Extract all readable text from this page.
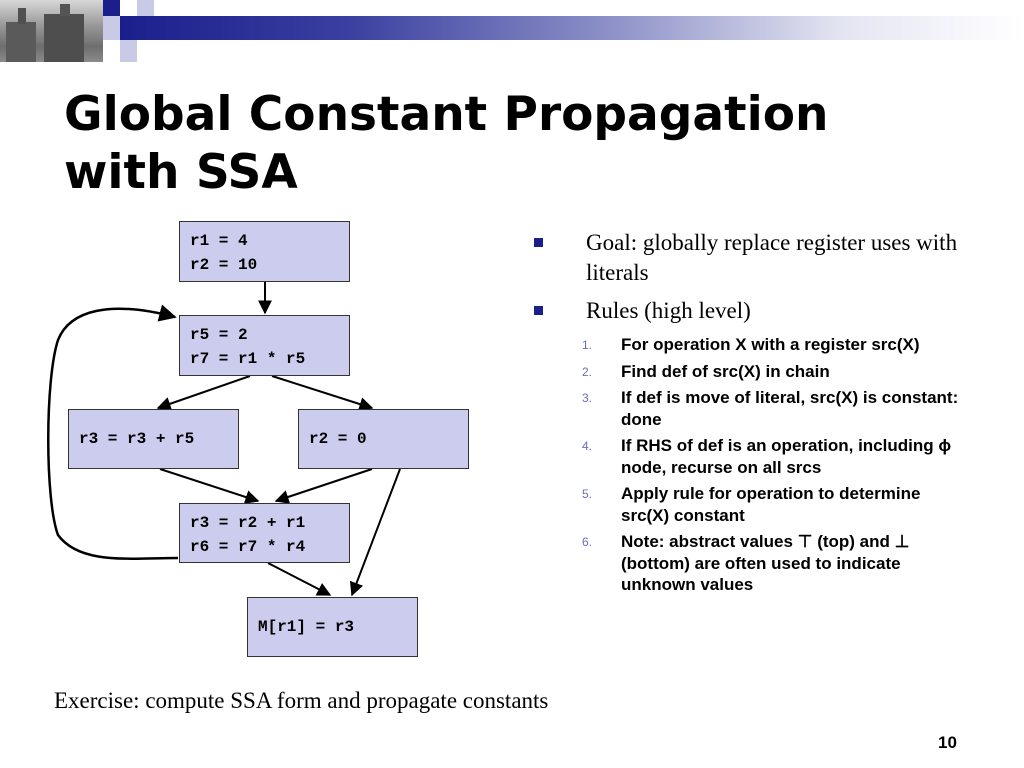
Global Constant Propagation
with SSA
r1 = 4
r2 = 10
r5 = 2
r7 = r1 * r5
r3 = r3 + r5	r2 = 0
r3 = r2 + r1
r6 = r7 * r4
M[r1] = r3
Goal: globally replace register uses with literals
Rules (high level)
1. For operation X with a register src(X)
2. Find def of src(X) in chain
3. If def is move of literal, src(X) is constant: done
4. If RHS of def is an operation, including ϕ node, recurse on all srcs
5. Apply rule for operation to determine src(X) constant
6. Note: abstract values ⊤ (top) and ⊥ (bottom) are often used to indicate unknown values
Exercise: compute SSA form and propagate constants
10
